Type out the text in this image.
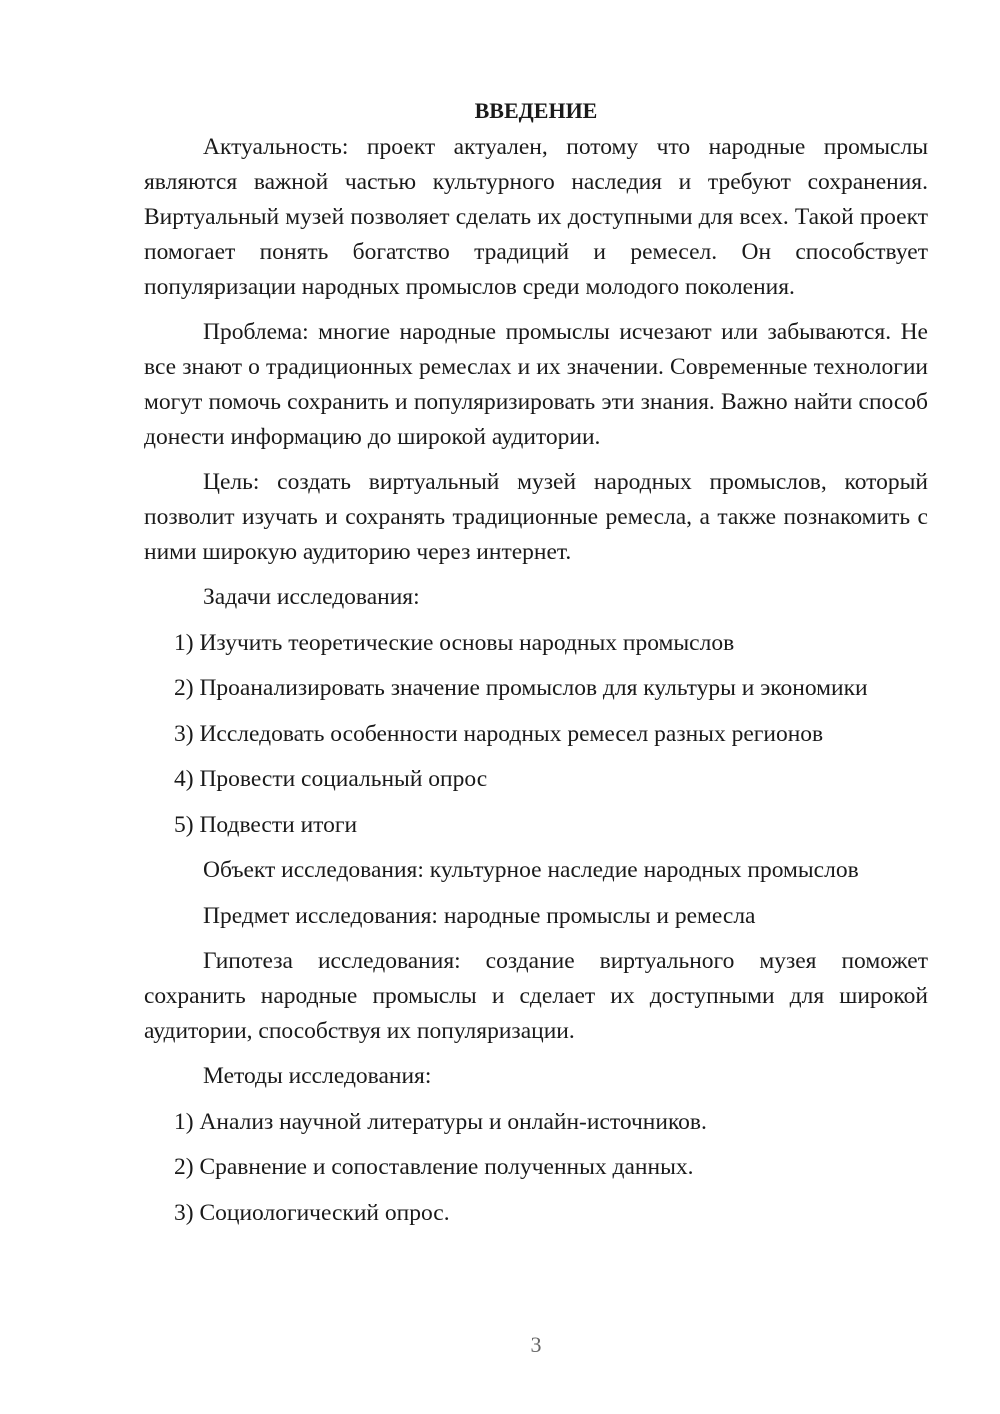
ВВЕДЕНИЕ

Актуальность: проект актуален, потому что народные промыслы являются важной частью культурного наследия и требуют сохранения. Виртуальный музей позволяет сделать их доступными для всех. Такой проект помогает понять богатство традиций и ремесел. Он способствует популяризации народных промыслов среди молодого поколения.

Проблема: многие народные промыслы исчезают или забываются. Не все знают о традиционных ремеслах и их значении. Современные технологии могут помочь сохранить и популяризировать эти знания. Важно найти способ донести информацию до широкой аудитории.

Цель: создать виртуальный музей народных промыслов, который позволит изучать и сохранять традиционные ремесла, а также познакомить с ними широкую аудиторию через интернет.

Задачи исследования:

1) Изучить теоретические основы народных промыслов

2) Проанализировать значение промыслов для культуры и экономики

3) Исследовать особенности народных ремесел разных регионов

4) Провести социальный опрос

5) Подвести итоги

Объект исследования: культурное наследие народных промыслов

Предмет исследования: народные промыслы и ремесла

Гипотеза исследования: создание виртуального музея поможет сохранить народные промыслы и сделает их доступными для широкой аудитории, способствуя их популяризации.

Методы исследования:

1) Анализ научной литературы и онлайн-источников.

2) Сравнение и сопоставление полученных данных.

3) Социологический опрос.

3
